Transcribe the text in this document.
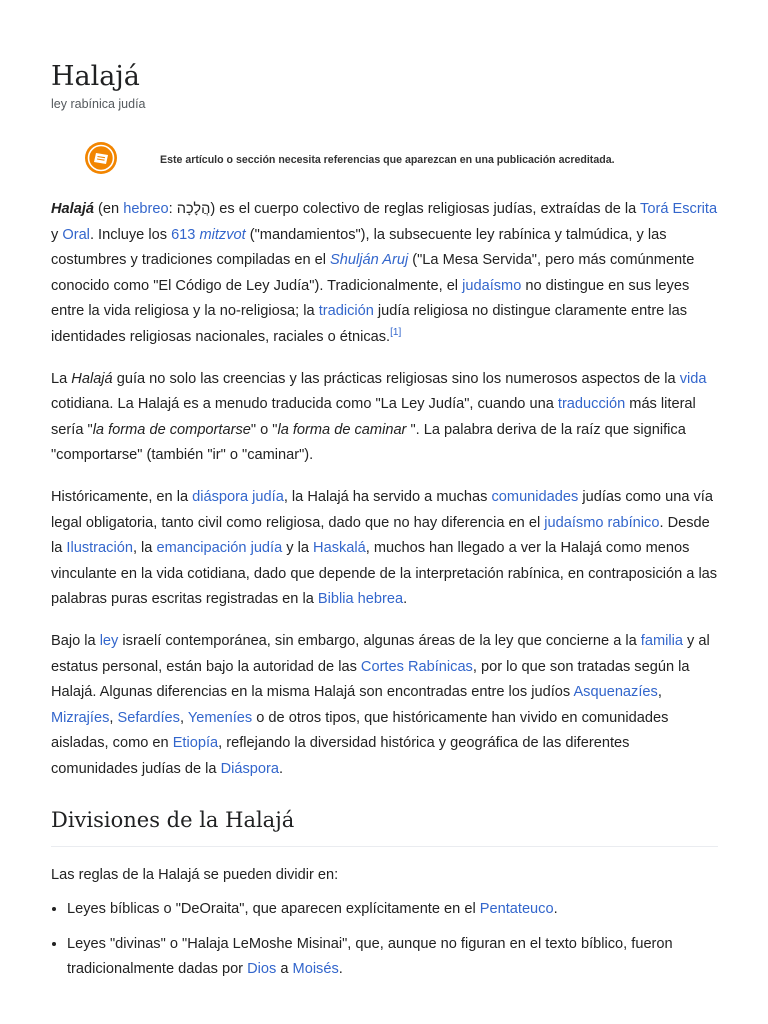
Halajá
ley rabínica judía
Este artículo o sección necesita referencias que aparezcan en una publicación acreditada.

Halajá (en hebreo: הֲלָכָה) es el cuerpo colectivo de reglas religiosas judías, extraídas de la Torá Escrita y Oral. Incluye los 613 mitzvot ("mandamientos"), la subsecuente ley rabínica y talmúdica, y las costumbres y tradiciones compiladas en el Shulján Aruj ("La Mesa Servida", pero más comúnmente conocido como "El Código de Ley Judía"). Tradicionalmente, el judaísmo no distingue en sus leyes entre la vida religiosa y la no-religiosa; la tradición judía religiosa no distingue claramente entre las identidades religiosas nacionales, raciales o étnicas.[1]

La Halajá guía no solo las creencias y las prácticas religiosas sino los numerosos aspectos de la vida cotidiana. La Halajá es a menudo traducida como "La Ley Judía", cuando una traducción más literal sería "la forma de comportarse" o "la forma de caminar ". La palabra deriva de la raíz que significa "comportarse" (también "ir" o "caminar").

Históricamente, en la diáspora judía, la Halajá ha servido a muchas comunidades judías como una vía legal obligatoria, tanto civil como religiosa, dado que no hay diferencia en el judaísmo rabínico. Desde la Ilustración, la emancipación judía y la Haskalá, muchos han llegado a ver la Halajá como menos vinculante en la vida cotidiana, dado que depende de la interpretación rabínica, en contraposición a las palabras puras escritas registradas en la Biblia hebrea.

Bajo la ley israelí contemporánea, sin embargo, algunas áreas de la ley que concierne a la familia y al estatus personal, están bajo la autoridad de las Cortes Rabínicas, por lo que son tratadas según la Halajá. Algunas diferencias en la misma Halajá son encontradas entre los judíos Asquenazíes, Mizrajíes, Sefardíes, Yemeníes o de otros tipos, que históricamente han vivido en comunidades aisladas, como en Etiopía, reflejando la diversidad histórica y geográfica de las diferentes comunidades judías de la Diáspora.

Divisiones de la Halajá

Las reglas de la Halajá se pueden dividir en:

• Leyes bíblicas o "DeOraita", que aparecen explícitamente en el Pentateuco.
• Leyes "divinas" o "Halaja LeMoshe Misinai", que, aunque no figuran en el texto bíblico, fueron tradicionalmente dadas por Dios a Moisés.
